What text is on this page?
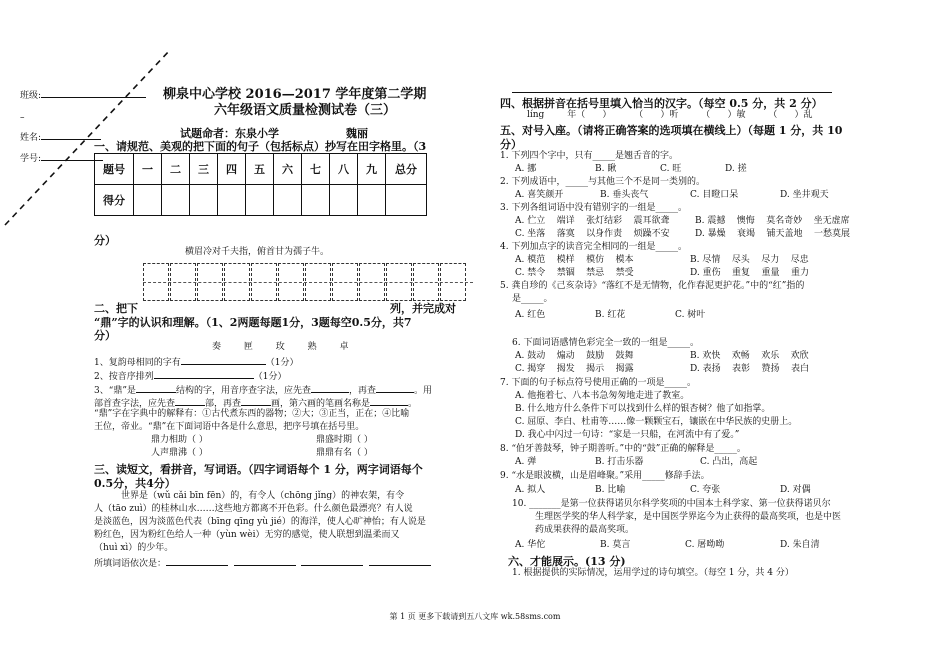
班级:
–
姓名:
学号:
柳泉中心学校 2016—2017 学年度第二学期
六年级语文质量检测试卷（三）
试题命者：东泉小学	魏丽
一、请规范、美观的把下面的句子（包括标点）抄写在田字格里。（3
题号	一	二	三	四	五	六	七	八	九	总分
得分										
分）
横眉冷对千夫指，俯首甘为孺子牛。
二、把下	列，并完成对
“鼎”字的认识和理解。（1、2两题每题1分，3题每空0.5分，共7
分）
奏        匣        玫        熟        卓
1、复韵母相同的字有	（1分）
2、按音序排列	（1分）
3、“鼎”是	结构的字，用音序查字法，应先查	，再查	。用
部首查字法，应先查	部，再查	画，第六画的笔画名称是	。
“鼎”字在字典中的解释有：①古代煮东西的器物；②大；③正当，正在；④比喻
王位，帝业。“鼎”在下面词语中各是什么意思，把序号填在括号里。
鼎力相助（ ）	鼎盛时期（ ）
人声鼎沸（ ）	鼎鼎有名（ ）
三、读短文，看拼音，写词语。（四字词语每个 1 分，两字词语每个
0.5分，共4分）
世界是（wǔ cǎi bīn fēn）的，有令人（chōng jǐng）的神农架，有令
人（tāo zuì）的桂林山水……这些地方都离不开色彩。什么颜色最漂亮？有人说
是淡蓝色，因为淡蓝色代表（bīng qīng yù jié）的海洋，使人心旷神怡；有人说是
粉红色，因为粉红色给人一种（yùn wèi）无穷的感觉，使人联想到温柔而又
（huì xì）的少年。
所填词语依次是：
四、根据拼音在括号里填入恰当的汉字。（每空 0.5 分，共 2 分）
líng        年（      ）        （      ）听        （      ）敏        （      ）乱
五、对号入座。（请将正确答案的选项填在横线上）（每题 1 分，共 10
分）
1. 下列四个字中，只有_____是翘舌音的字。
A. 挪	B. 瞅	C. 旺	D. 搓
2. 下列成语中，_____与其他三个不是同一类别的。
A. 喜笑颜开	B. 垂头丧气	C. 目瞪口呆	D. 坐井观天
3. 下列各组词语中没有错别字的一组是_____。
A. 伫立    端详    张灯结彩    震耳欲聋	B. 震撼    懊悔    莫名奇妙    坐无虚席
C. 坐落    落寞    以身作责    烦躁不安	D. 暴燥    衰竭    铺天盖地    一愁莫展
4. 下列加点字的读音完全相同的一组是_____。
A. 模范    模样    模仿    模本	B. 尽情    尽头    尽力    尽忠
C. 禁令    禁锢    禁忌    禁受	D. 重伤    重复    重量    重力
5. 龚自珍的《己亥杂诗》“落红不是无情物，化作春泥更护花。”中的“红”指的
是_____。
A. 红色	B. 红花	C. 树叶
6. 下面词语感情色彩完全一致的一组是_____。
A. 鼓动    煽动    鼓励    鼓舞	B. 欢快    欢畅    欢乐    欢欣
C. 揭穿    揭发    揭示    揭露	D. 表扬    表彰    赞扬    表白
7. 下面的句子标点符号使用正确的一项是_____。
A. 他拖着七、八本书急匆匆地走进了教室。
B. 什么地方什么条件下可以找到什么样的银杏树？他了如指掌。
C. 屈原、李白、杜甫等……像一颗颗宝石，镶嵌在中华民族的史册上。
D. 我心中闪过一句诗：“家是一只船，在河流中有了爱。”
8. “伯牙善鼓琴，钟子期善听。”中的“鼓”正确的解释是_____。
A. 弹	B. 打击乐器	C. 凸出，高起
9. “水是眼波横，山是眉峰聚。”采用_____修辞手法。
A. 拟人	B. 比喻	C. 夸张	D. 对偶
10. _______是第一位获得诺贝尔科学奖项的中国本土科学家、第一位获得诺贝尔
生理医学奖的华人科学家，是中国医学界迄今为止获得的最高奖项，也是中医
药成果获得的最高奖项。
A. 华佗	B. 莫言	C. 屠呦呦	D. 朱自清
六、才能展示。(13 分)
1. 根据提供的实际情况，运用学过的诗句填空。（每空 1 分，共 4 分）
第 1 页 更多下载请到五八文库 wk.58sms.com
